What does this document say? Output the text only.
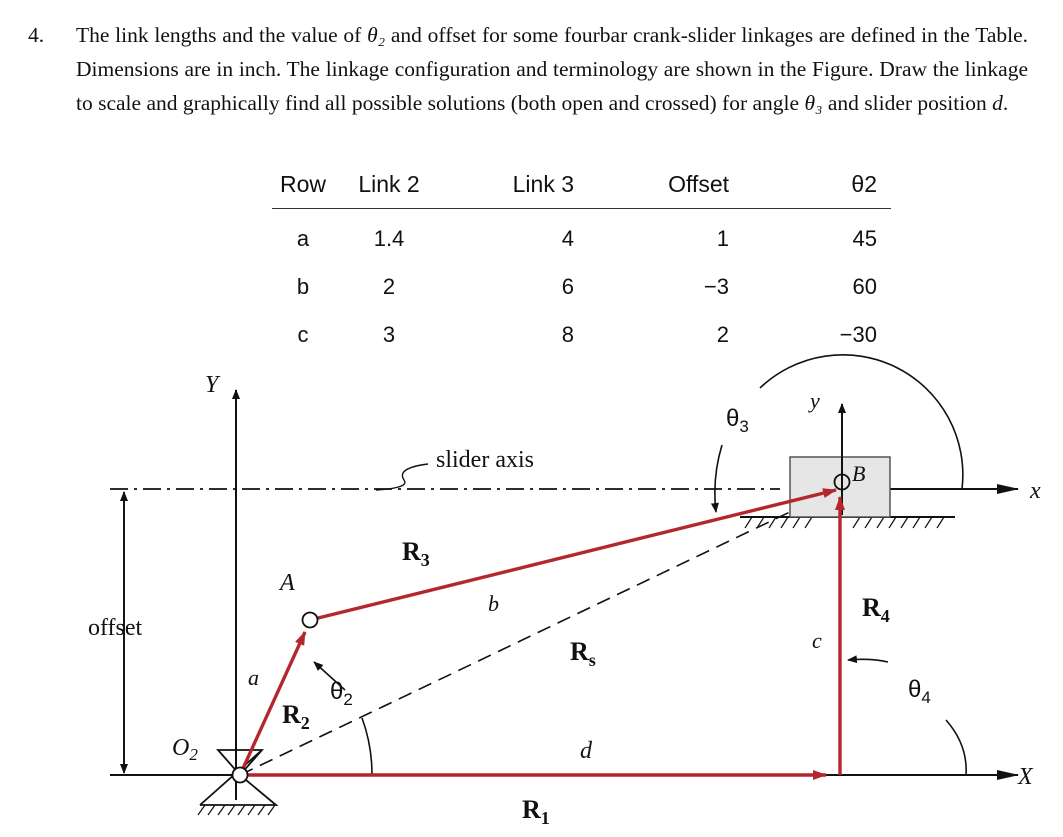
4. The link lengths and the value of θ₂ and offset for some fourbar crank-slider linkages are defined in the Table. Dimensions are in inch. The linkage configuration and terminology are shown in the Figure. Draw the linkage to scale and graphically find all possible solutions (both open and crossed) for angle θ₃ and slider position d.
Row	Link 2	Link 3	Offset	θ2
a	1.4	4	1	45
b	2	6	−3	60
c	3	8	2	−30
Y
X
y
x
offset
slider axis
$O_2$
A
B
a
b
c
d
$R_1$
$R_2$
$R_3$
$R_4$
$R_s$
$\theta_2$
$\theta_3$
$\theta_4$
